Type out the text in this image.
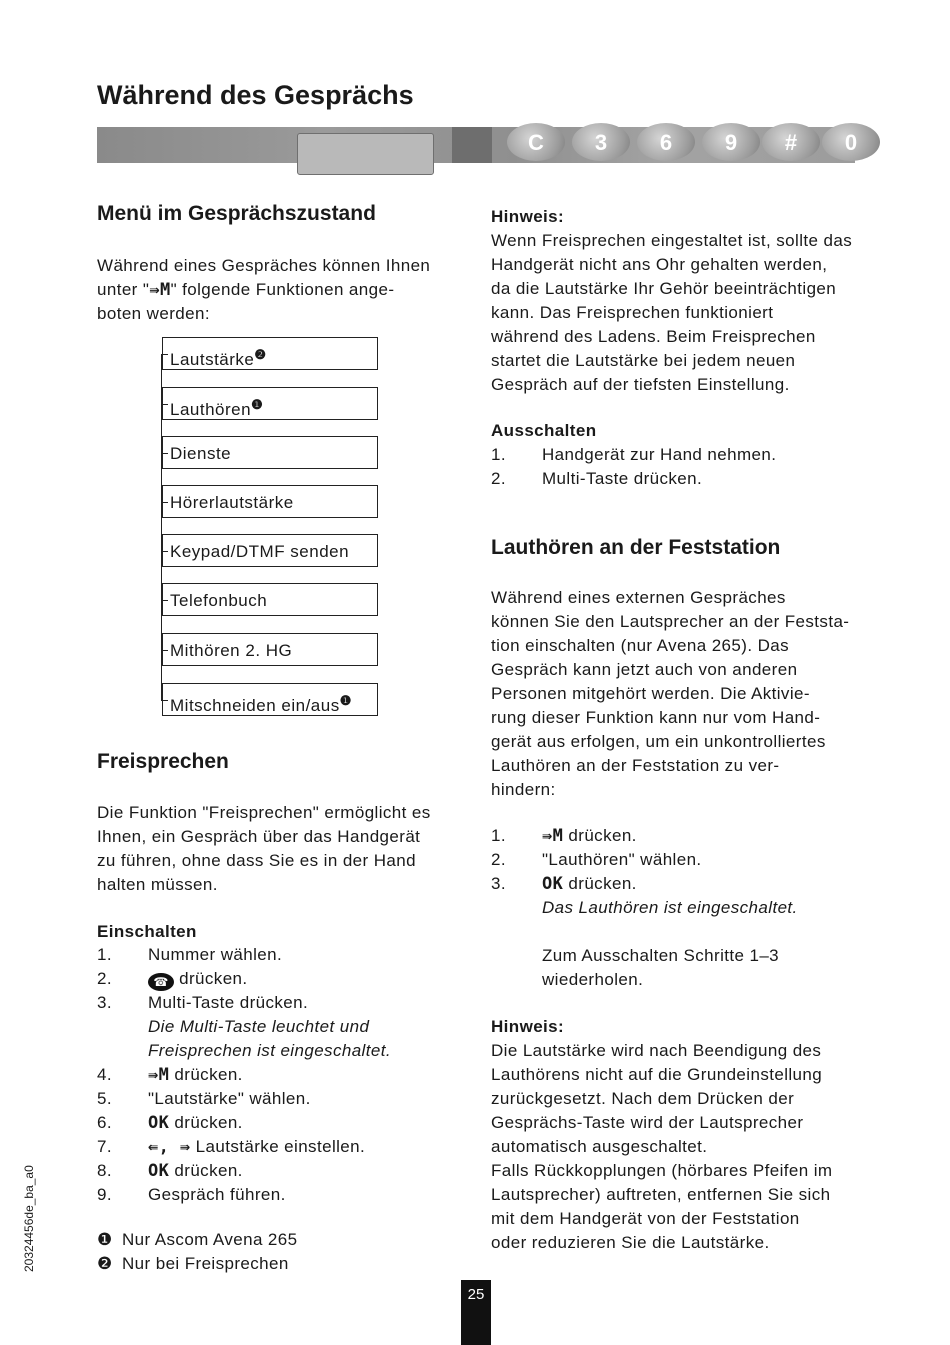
Während des Gesprächs
C	3	6	9	#	0
Menü im Gesprächszustand
Während eines Gespräches können Ihnen
unter "⇛M" folgende Funktionen ange-
boten werden:
Lautstärke$^❷$
Lauthören$^❶$
Dienste
Hörerlautstärke
Keypad/DTMF senden
Telefonbuch
Mithören 2. HG
Mitschneiden ein/aus$^❶$
Freisprechen
Die Funktion "Freisprechen" ermöglicht es
Ihnen, ein Gespräch über das Handgerät
zu führen, ohne dass Sie es in der Hand
halten müssen.
Einschalten
1. Nummer wählen.
2.	☎ drücken.
3. Multi-Taste drücken.
Die Multi-Taste leuchtet und
Freisprechen ist eingeschaltet.
4. ⇛M drücken.
5. "Lautstärke" wählen.
6. OK drücken.
7. ⇚, ⇛ Lautstärke einstellen.
8. OK drücken.
9. Gespräch führen.
❶ Nur Ascom Avena 265
❷ Nur bei Freisprechen
20324456de_ba_a0
Hinweis:
Wenn Freisprechen eingestaltet ist, sollte das
Handgerät nicht ans Ohr gehalten werden,
da die Lautstärke Ihr Gehör beeinträchtigen
kann. Das Freisprechen funktioniert
während des Ladens. Beim Freisprechen
startet die Lautstärke bei jedem neuen
Gespräch auf der tiefsten Einstellung.
Ausschalten
1. Handgerät zur Hand nehmen.
2. Multi-Taste drücken.
Lauthören an der Feststation
Während eines externen Gespräches
können Sie den Lautsprecher an der Feststa-
tion einschalten (nur Avena 265). Das
Gespräch kann jetzt auch von anderen
Personen mitgehört werden. Die Aktivie-
rung dieser Funktion kann nur vom Hand-
gerät aus erfolgen, um ein unkontrolliertes
Lauthören an der Feststation zu ver-
hindern:
1. ⇛M drücken.
2. "Lauthören" wählen.
3. OK drücken.
Das Lauthören ist eingeschaltet.
Zum Ausschalten Schritte 1–3
wiederholen.
Hinweis:
Die Lautstärke wird nach Beendigung des
Lauthörens nicht auf die Grundeinstellung
zurückgesetzt. Nach dem Drücken der
Gesprächs-Taste wird der Lautsprecher
automatisch ausgeschaltet.
Falls Rückkopplungen (hörbares Pfeifen im
Lautsprecher) auftreten, entfernen Sie sich
mit dem Handgerät von der Feststation
oder reduzieren Sie die Lautstärke.
25
